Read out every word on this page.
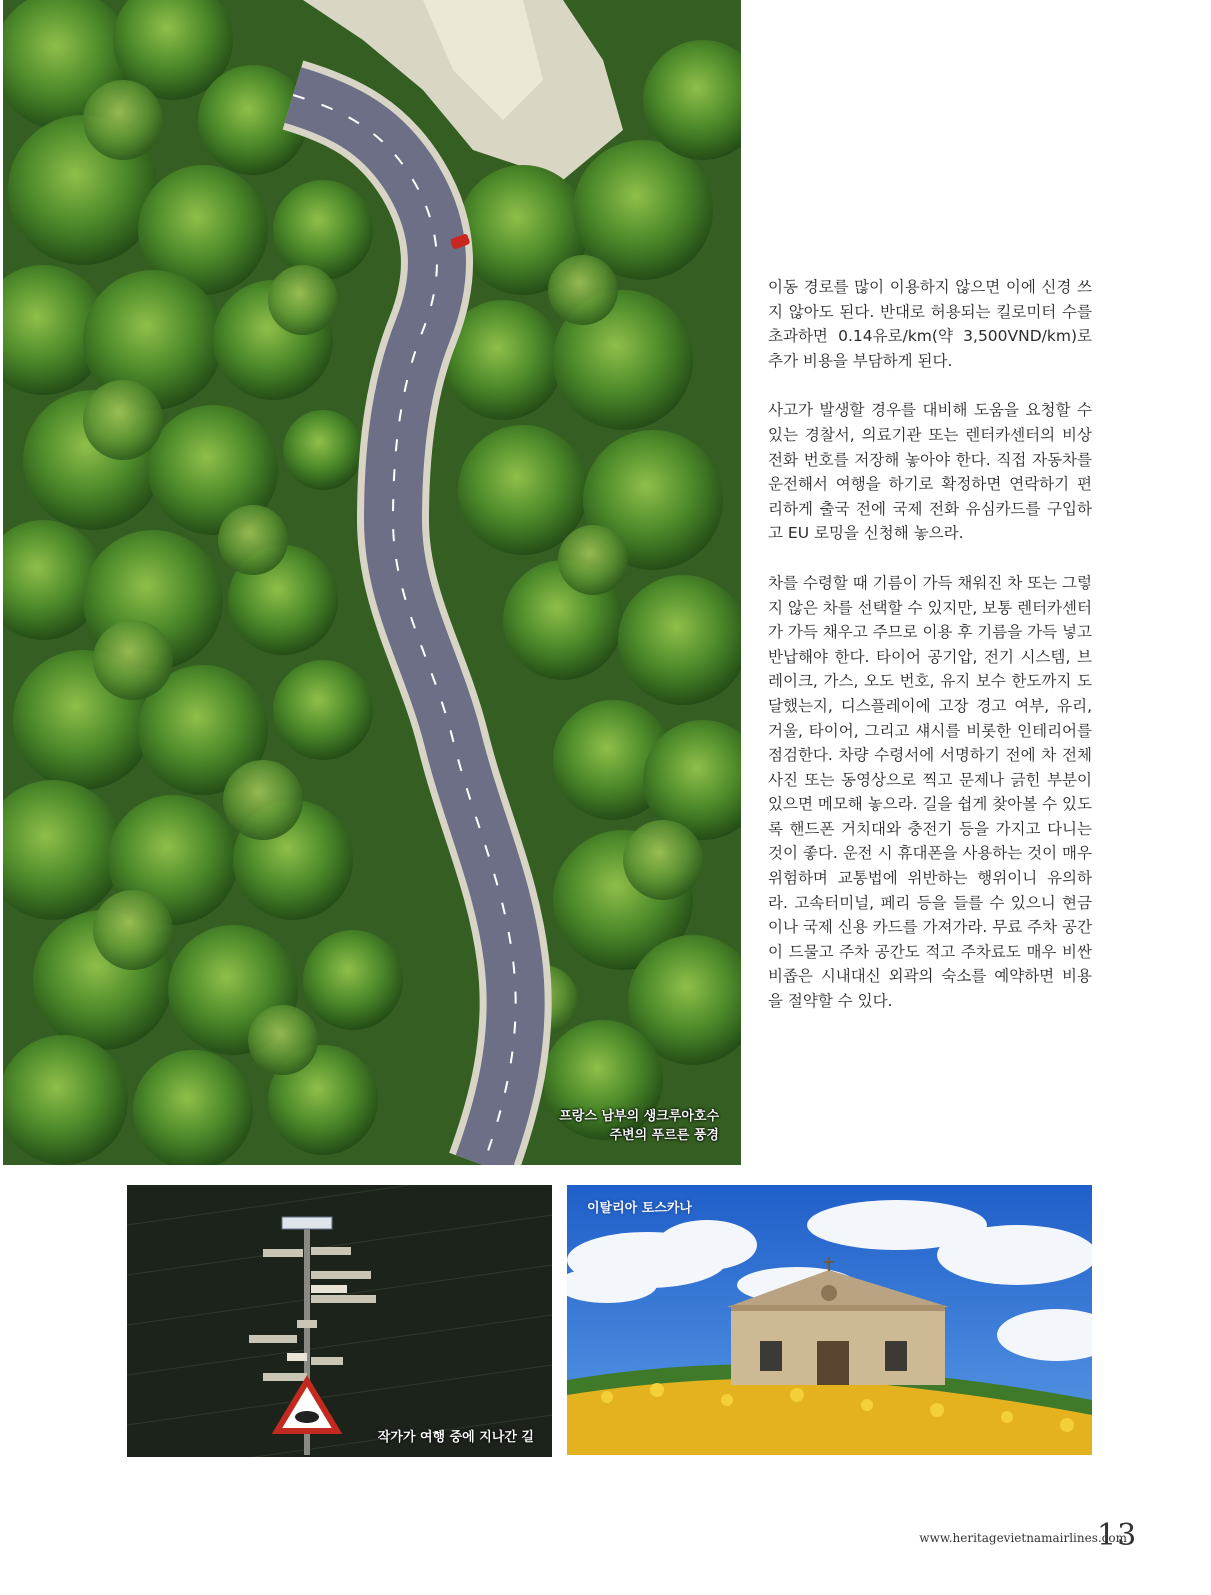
프랑스 남부의 생크루아호수
주변의 푸르른 풍경

이동 경로를 많이 이용하지 않으면 이에 신경 쓰지 않아도 된다. 반대로 허용되는 킬로미터 수를 초과하면 0.14유로/km(약 3,500VND/km)로 추가 비용을 부담하게 된다.

사고가 발생할 경우를 대비해 도움을 요청할 수 있는 경찰서, 의료기관 또는 렌터카센터의 비상 전화 번호를 저장해 놓아야 한다. 직접 자동차를 운전해서 여행을 하기로 확정하면 연락하기 편리하게 출국 전에 국제 전화 유심카드를 구입하고 EU 로밍을 신청해 놓으라.

차를 수령할 때 기름이 가득 채워진 차 또는 그렇지 않은 차를 선택할 수 있지만, 보통 렌터카센터가 가득 채우고 주므로 이용 후 기름을 가득 넣고 반납해야 한다. 타이어 공기압, 전기 시스템, 브레이크, 가스, 오도 번호, 유지 보수 한도까지 도달했는지, 디스플레이에 고장 경고 여부, 유리, 거울, 타이어, 그리고 섀시를 비롯한 인테리어를 점검한다. 차량 수령서에 서명하기 전에 차 전체 사진 또는 동영상으로 찍고 문제나 긁힌 부분이 있으면 메모해 놓으라. 길을 쉽게 찾아볼 수 있도록 핸드폰 거치대와 충전기 등을 가지고 다니는 것이 좋다. 운전 시 휴대폰을 사용하는 것이 매우 위험하며 교통법에 위반하는 행위이니 유의하라. 고속터미널, 페리 등을 들를 수 있으니 현금이나 국제 신용 카드를 가져가라. 무료 주차 공간이 드물고 주차 공간도 적고 주차료도 매우 비싼 비좁은 시내대신 외곽의 숙소를 예약하면 비용을 절약할 수 있다.

작가가 여행 중에 지나간 길
이탈리아 토스카나
www.heritagevietnamairlines.com
13
